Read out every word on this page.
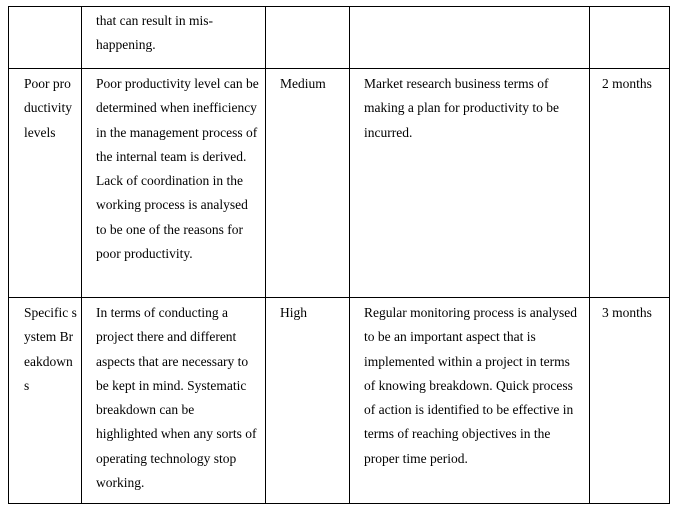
	that can result in mis-happening.			

Poor productivity levels	Poor productivity level can be determined when inefficiency in the management process of the internal team is derived. Lack of coordination in the working process is analysed to be one of the reasons for poor productivity.	Medium	Market research business terms of making a plan for productivity to be incurred.	2 months

Specific system Breakdowns	In terms of conducting a project there and different aspects that are necessary to be kept in mind. Systematic breakdown can be highlighted when any sorts of operating technology stop working.	High	Regular monitoring process is analysed to be an important aspect that is implemented within a project in terms of knowing breakdown. Quick process of action is identified to be effective in terms of reaching objectives in the proper time period.	3 months
